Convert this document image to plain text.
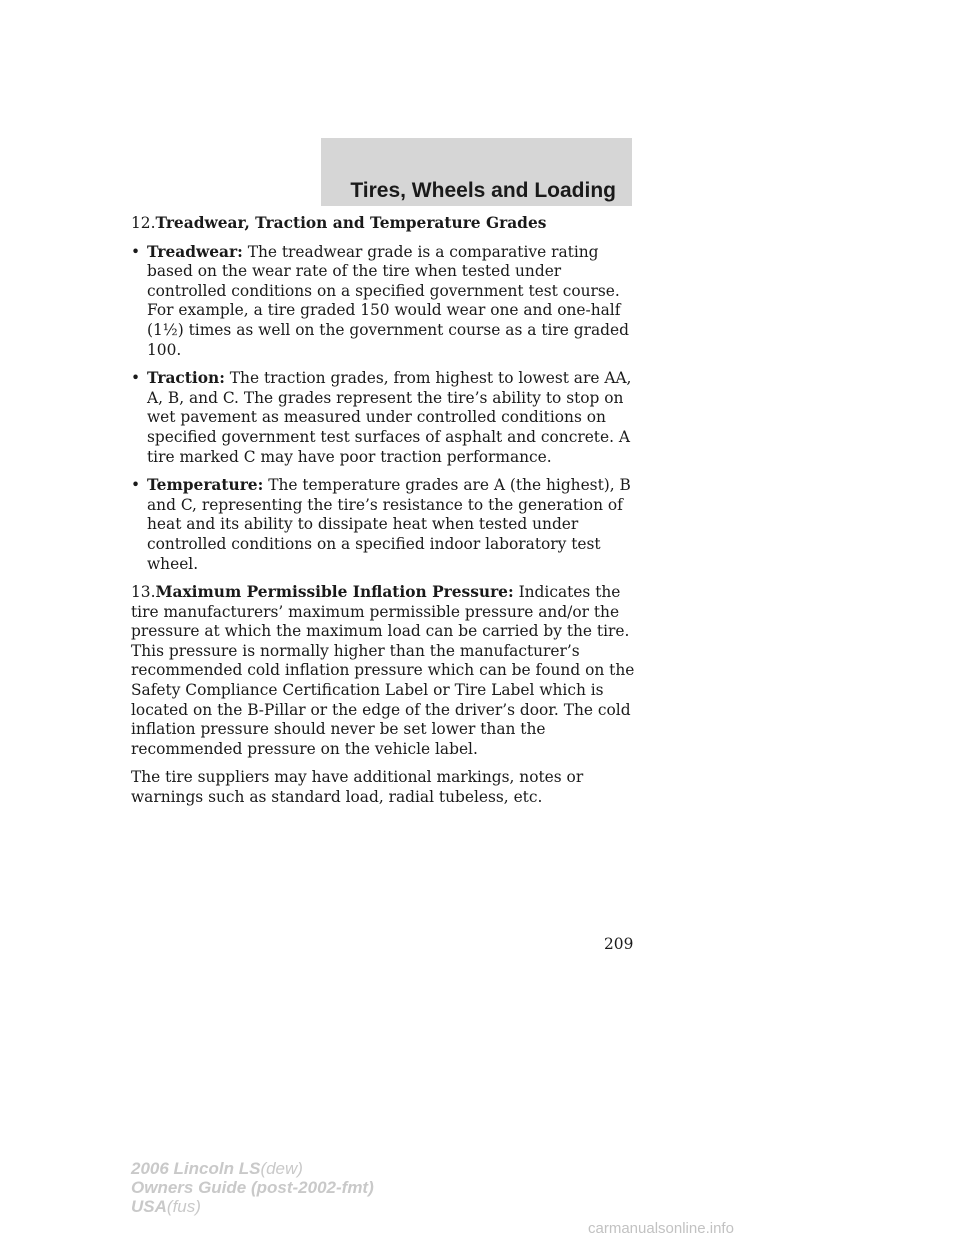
Tires, Wheels and Loading

12.Treadwear, Traction and Temperature Grades

• Treadwear: The treadwear grade is a comparative rating based on the wear rate of the tire when tested under controlled conditions on a specified government test course. For example, a tire graded 150 would wear one and one-half (1½) times as well on the government course as a tire graded 100.
• Traction: The traction grades, from highest to lowest are AA, A, B, and C. The grades represent the tire’s ability to stop on wet pavement as measured under controlled conditions on specified government test surfaces of asphalt and concrete. A tire marked C may have poor traction performance.
• Temperature: The temperature grades are A (the highest), B and C, representing the tire’s resistance to the generation of heat and its ability to dissipate heat when tested under controlled conditions on a specified indoor laboratory test wheel.

13.Maximum Permissible Inflation Pressure: Indicates the tire manufacturers’ maximum permissible pressure and/or the pressure at which the maximum load can be carried by the tire. This pressure is normally higher than the manufacturer’s recommended cold inflation pressure which can be found on the Safety Compliance Certification Label or Tire Label which is located on the B-Pillar or the edge of the driver’s door. The cold inflation pressure should never be set lower than the recommended pressure on the vehicle label.

The tire suppliers may have additional markings, notes or warnings such as standard load, radial tubeless, etc.

209
2006 Lincoln LS(dew)
Owners Guide (post-2002-fmt)
USA(fus)
carmanualsonline.info
